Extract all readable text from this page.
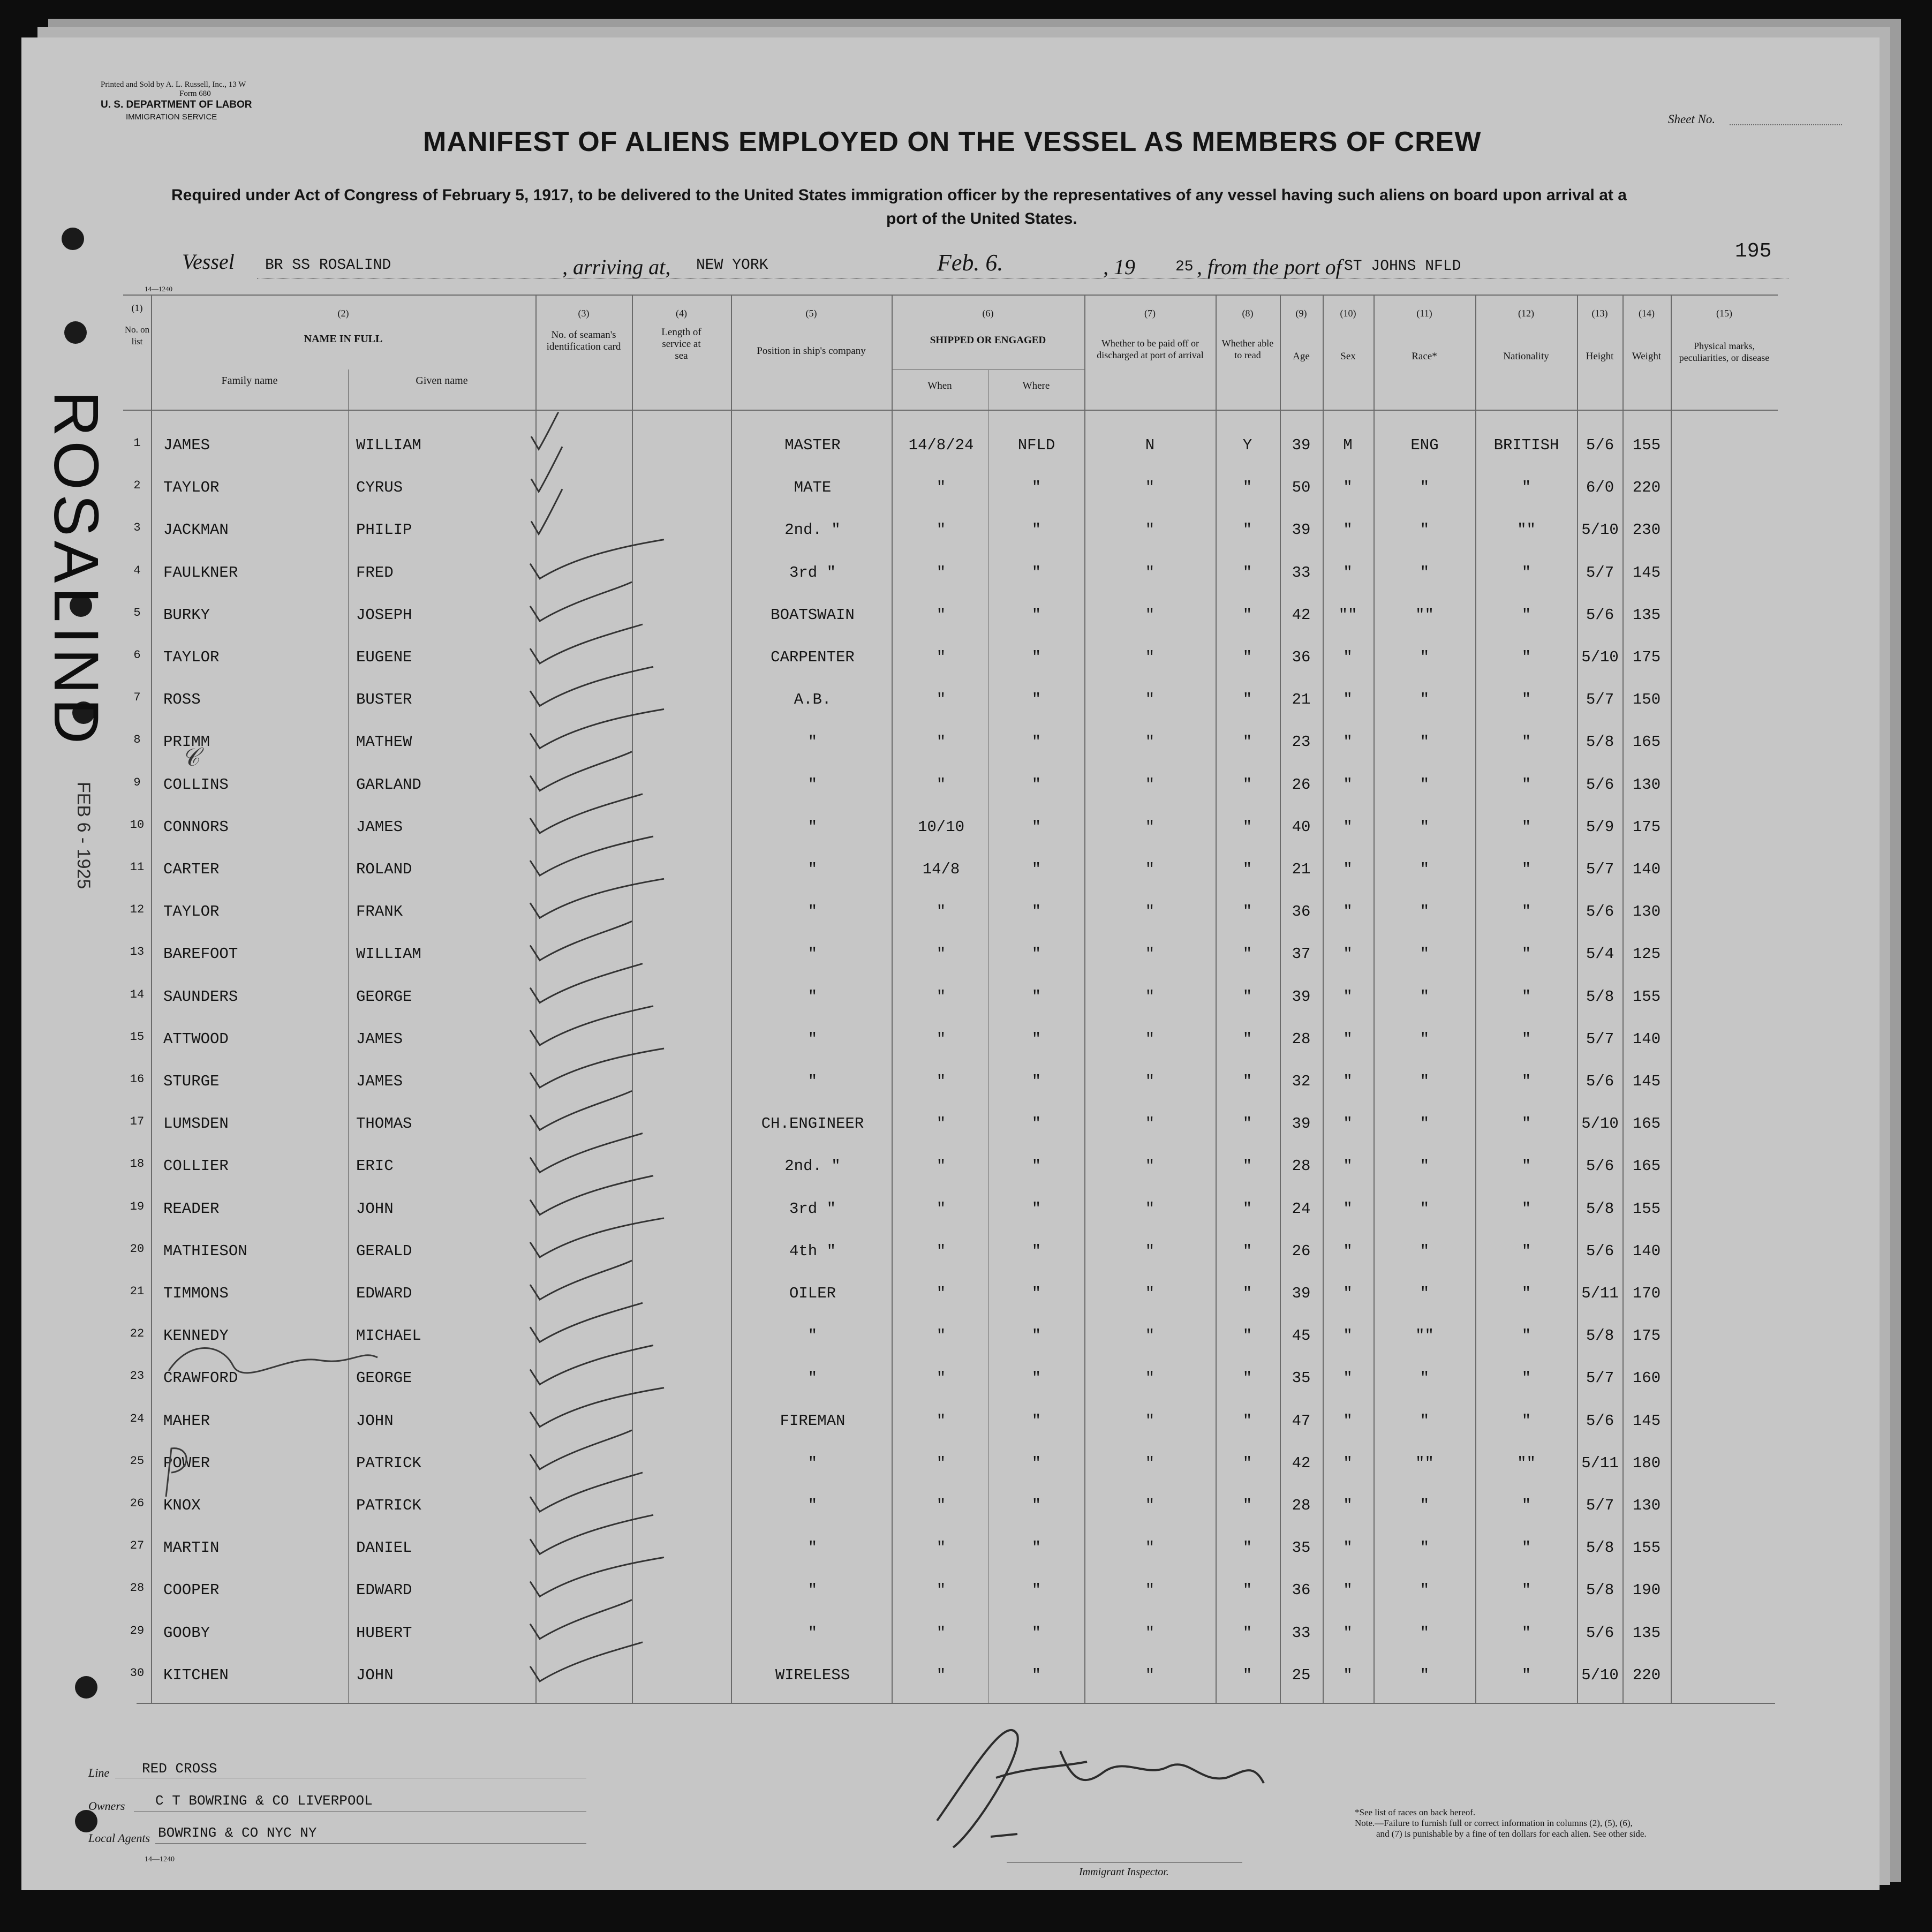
ROSALIND
FEB 6 - 1925
Printed and Sold by A. L. Russell, Inc., 13 W
Form 680
U. S. DEPARTMENT OF LABOR
IMMIGRATION SERVICE	Sheet No.
MANIFEST OF ALIENS EMPLOYED ON THE VESSEL AS MEMBERS OF CREW
Required under Act of Congress of February 5, 1917, to be delivered to the United States immigration officer by the representatives of any vessel having such aliens on board upon arrival at a
port of the United States.
195
Vessel BR SS ROSALIND	, arriving at, NEW YORK	Feb. 6.	, 19	25 , from the port of ST JOHNS NFLD
14—1240
(1)
No. on list
(2)
NAME IN FULL
Family name	Given name
(3)
No. of seaman's identification card
(4)
Length of service at sea
(5)
Position in ship's company
(6)
SHIPPED OR ENGAGED
When	Where
(7)
Whether to be paid off or discharged at port of arrival
(8)
Whether able to read
(9)
Age
(10)
Sex
(11)
Race*
(12)
Nationality
(13)
Height
(14)
Weight
(15)
Physical marks, peculiarities, or disease
1	JAMES	WILLIAM	MASTER	14/8/24	NFLD	N	Y	39	M	ENG	BRITISH	5/6	155
2	TAYLOR	CYRUS	MATE	"	"	"	"	50	"	"	"	6/0	220
3	JACKMAN	PHILIP	2nd. "	"	"	"	"	39	"	"	""	5/10 230
4	FAULKNER	FRED	3rd "	"	"	"	"	33	"	"	"	5/7	145
5	BURKY	JOSEPH	BOATSWAIN	"	"	"	"	42	""	""	"	5/6	135
6	TAYLOR	EUGENE	CARPENTER	"	"	"	"	36	"	"	"	5/10 175
7	ROSS	BUSTER	A.B.	"	"	"	"	21	"	"	"	5/7	150
8	PRIMM	MATHEW	"	"	"	"	"	23	"	"	"	5/8	165
9	COLLINS	GARLAND	"	"	"	"	"	26	"	"	"	5/6	130
10	CONNORS	JAMES	"	10/10	"	"	"	40	"	"	"	5/9	175
11	CARTER	ROLAND	"	14/8	"	"	"	21	"	"	"	5/7	140
12	TAYLOR	FRANK	"	"	"	"	"	36	"	"	"	5/6	130
13	BAREFOOT	WILLIAM	"	"	"	"	"	37	"	"	"	5/4	125
14	SAUNDERS	GEORGE	"	"	"	"	"	39	"	"	"	5/8	155
15	ATTWOOD	JAMES	"	"	"	"	"	28	"	"	"	5/7	140
16	STURGE	JAMES	"	"	"	"	"	32	"	"	"	5/6	145
17	LUMSDEN	THOMAS	CH.ENGINEER	"	"	"	"	39	"	"	"	5/10 165
18	COLLIER	ERIC	2nd. "	"	"	"	"	28	"	"	"	5/6	165
19	READER	JOHN	3rd "	"	"	"	"	24	"	"	"	5/8	155
20	MATHIESON	GERALD	4th "	"	"	"	"	26	"	"	"	5/6	140
21	TIMMONS	EDWARD	OILER	"	"	"	"	39	"	"	"	5/11 170
22	KENNEDY	MICHAEL	"	"	"	"	"	45	"	""	"	5/8	175
23	CRAWFORD	GEORGE	"	"	"	"	"	35	"	"	"	5/7	160
24	MAHER	JOHN	FIREMAN	"	"	"	"	47	"	"	"	5/6	145
25	POWER	PATRICK	"	"	"	"	"	42	"	""	""	5/11 180
26	KNOX	PATRICK	"	"	"	"	"	28	"	"	"	5/7	130
27	MARTIN	DANIEL	"	"	"	"	"	35	"	"	"	5/8	155
28	COOPER	EDWARD	"	"	"	"	"	36	"	"	"	5/8	190
29	GOOBY	HUBERT	"	"	"	"	"	33	"	"	"	5/6	135
30	KITCHEN	JOHN	WIRELESS	"	"	"	"	25	"	"	"	5/10 220
𝒞
Line RED CROSS
Owners C T BOWRING & CO LIVERPOOL
Local Agents BOWRING & CO NYC NY
14—1240
Immigrant Inspector.
*See list of races on back hereof.
Note.—Failure to furnish full or correct information in columns (2), (5), (6),
and (7) is punishable by a fine of ten dollars for each alien. See other side.
